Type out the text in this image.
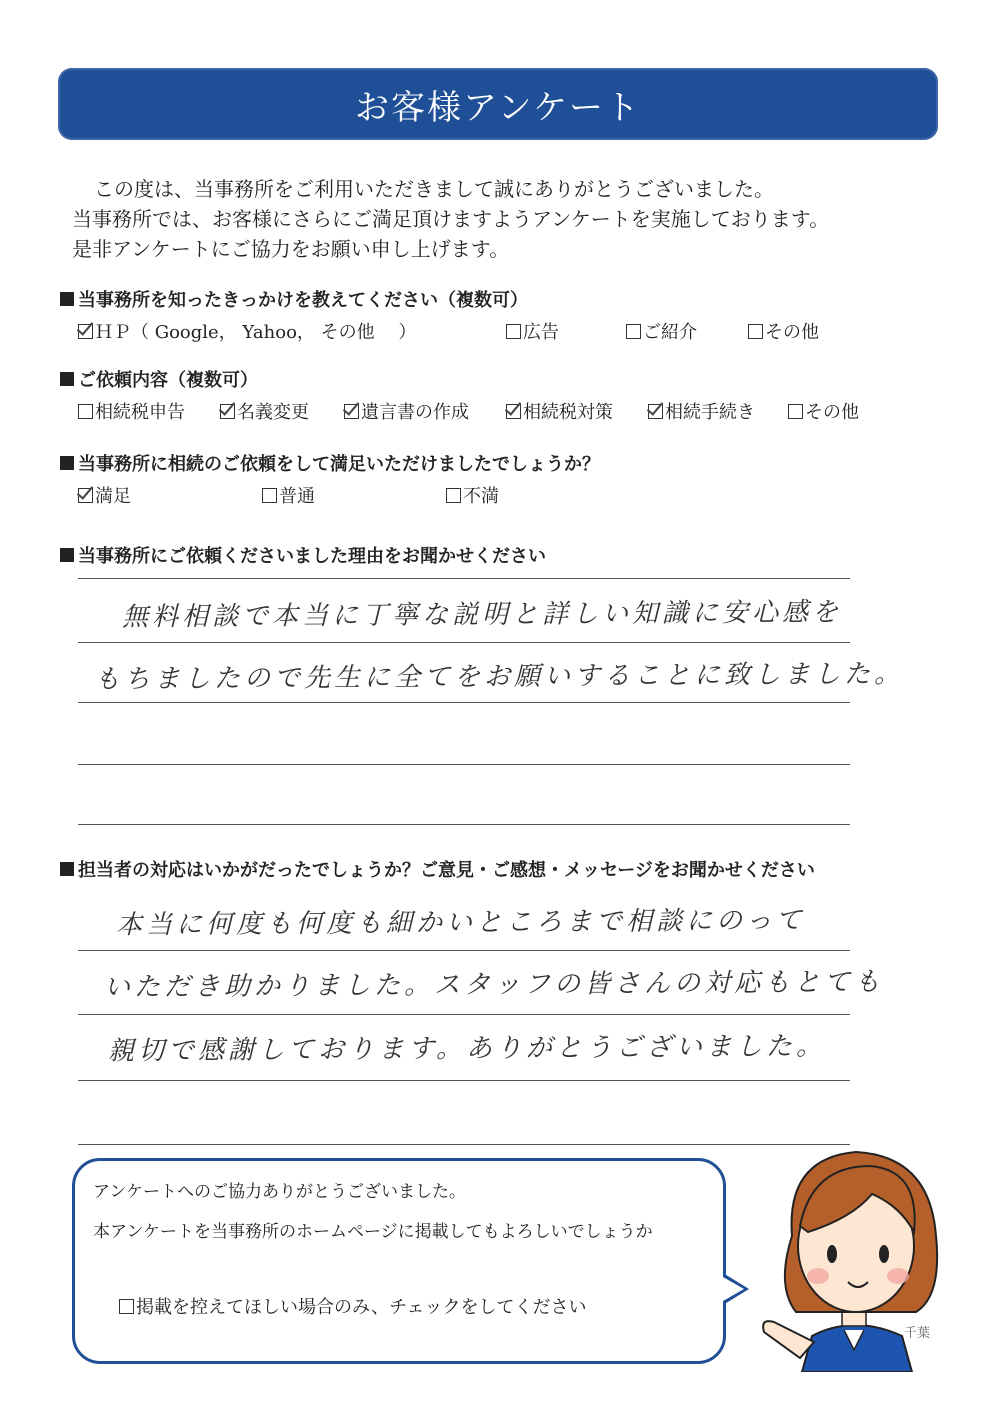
お客様アンケート
この度は、当事務所をご利用いただきまして誠にありがとうございました。
当事務所では、お客様にさらにご満足頂けますようアンケートを実施しております。
是非アンケートにご協力をお願い申し上げます。
当事務所を知ったきっかけを教えてください（複数可）
ＨＰ（ Google， Yahoo， その他　 ）	広告	ご紹介	その他
ご依頼内容（複数可）
相続税申告	名義変更	遺言書の作成	相続税対策	相続手続き	その他
当事務所に相続のご依頼をして満足いただけましたでしょうか？
満足	普通	不満
当事務所にご依頼くださいました理由をお聞かせください
無料相談で本当に丁寧な説明と詳しい知識に安心感を
もちましたので先生に全てをお願いすることに致しました。
担当者の対応はいかがだったでしょうか？ご意見・ご感想・メッセージをお聞かせください
本当に何度も何度も細かいところまで相談にのって
いただき助かりました。スタッフの皆さんの対応もとても
親切で感謝しております。ありがとうございました。
アンケートへのご協力ありがとうございました。
本アンケートを当事務所のホームページに掲載してもよろしいでしょうか
掲載を控えてほしい場合のみ、チェックをしてください
千葉
